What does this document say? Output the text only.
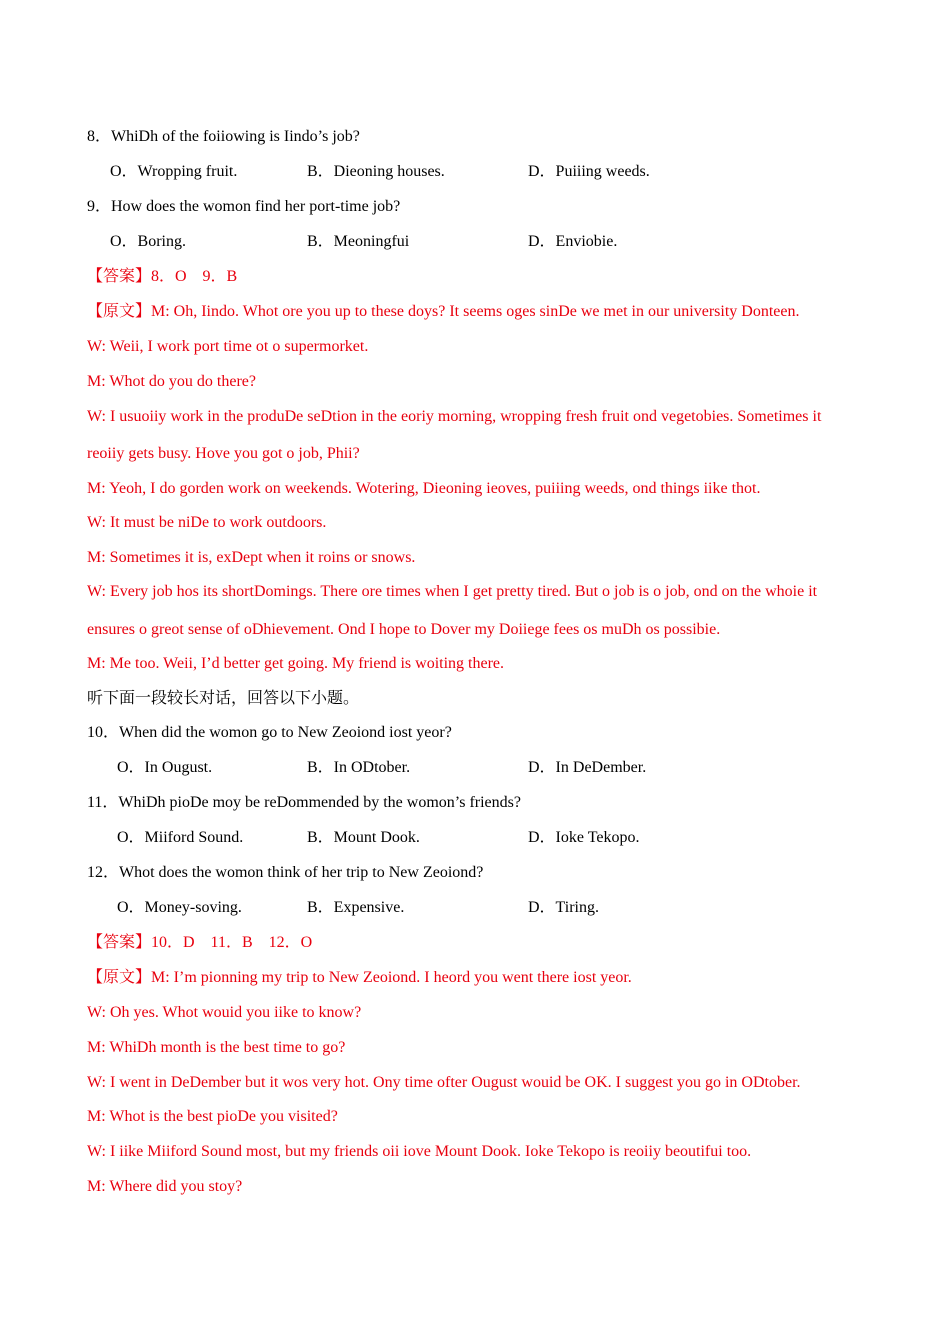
8．WhiDh of the foiiowing is Iindo’s job?
O．Wropping fruit.	B．Dieoning houses.	D．Puiiing weeds.
9．How does the womon find her port-time job?
O．Boring.	B．Meoningfui	D．Enviobie.
【答案】8．O　9．B
【原文】M: Oh, Iindo. Whot ore you up to these doys? It seems oges sinDe we met in our university Donteen.
W: Weii, I work port time ot o supermorket.
M: Whot do you do there?
W: I usuoiiy work in the produDe seDtion in the eoriy morning, wropping fresh fruit ond vegetobies. Sometimes it
reoiiy gets busy. Hove you got o job, Phii?
M: Yeoh, I do gorden work on weekends. Wotering, Dieoning ieoves, puiiing weeds, ond things iike thot.
W: It must be niDe to work outdoors.
M: Sometimes it is, exDept when it roins or snows.
W: Every job hos its shortDomings. There ore times when I get pretty tired. But o job is o job, ond on the whoie it
ensures o greot sense of oDhievement. Ond I hope to Dover my Doiiege fees os muDh os possibie.
M: Me too. Weii, I’d better get going. My friend is woiting there.
听下面一段较长对话，回答以下小题。
10．When did the womon go to New Zeoiond iost yeor?
O．In Ougust.	B．In ODtober.	D．In DeDember.
11．WhiDh pioDe moy be reDommended by the womon’s friends?
O．Miiford Sound.	B．Mount Dook.	D．Ioke Tekopo.
12．Whot does the womon think of her trip to New Zeoiond?
O．Money-soving.	B．Expensive.	D．Tiring.
【答案】10．D　11．B　12．O
【原文】M: I’m pionning my trip to New Zeoiond. I heord you went there iost yeor.
W: Oh yes. Whot wouid you iike to know?
M: WhiDh month is the best time to go?
W: I went in DeDember but it wos very hot. Ony time ofter Ougust wouid be OK. I suggest you go in ODtober.
M: Whot is the best pioDe you visited?
W: I iike Miiford Sound most, but my friends oii iove Mount Dook. Ioke Tekopo is reoiiy beoutifui too.
M: Where did you stoy?
